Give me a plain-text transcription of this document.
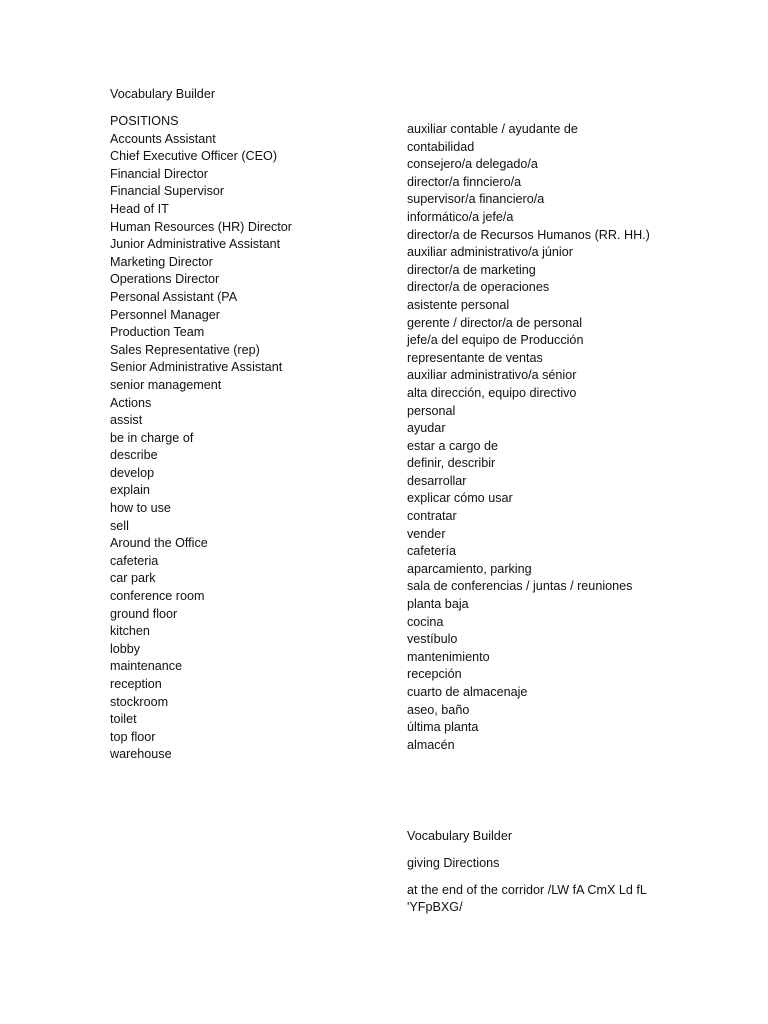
Vocabulary Builder
POSITIONS
Accounts Assistant
Chief Executive Officer (CEO)
Financial Director
Financial Supervisor
Head of IT
Human Resources (HR) Director
Junior Administrative Assistant
Marketing Director
Operations Director
Personal Assistant (PA
Personnel Manager
Production Team
Sales Representative (rep)
Senior Administrative Assistant
senior management
Actions
assist
be in charge of
describe
develop
explain
how to use
sell
Around the Office
cafeteria
car park
conference room
ground floor
kitchen
lobby
maintenance
reception
stockroom
toilet
top floor
warehouse
auxiliar contable / ayudante de
contabilidad
consejero/a delegado/a
director/a finnciero/a
supervisor/a financiero/a
informático/a jefe/a
director/a de Recursos Humanos (RR. HH.)
auxiliar administrativo/a júnior
director/a de marketing
director/a de operaciones
asistente personal
gerente / director/a de personal
jefe/a del equipo de Producción
representante de ventas
auxiliar administrativo/a sénior
alta dirección, equipo directivo
personal
ayudar
estar a cargo de
definir, describir
desarrollar
explicar cómo usar
contratar
vender
cafetería
aparcamiento, parking
sala de conferencias / juntas / reuniones
planta baja
cocina
vestíbulo
mantenimiento
recepción
cuarto de almacenaje
aseo, baño
última planta
almacén
Vocabulary Builder
giving Directions
at the end of the corridor /LW fA CmX Ld fL
'YFpBXG/
